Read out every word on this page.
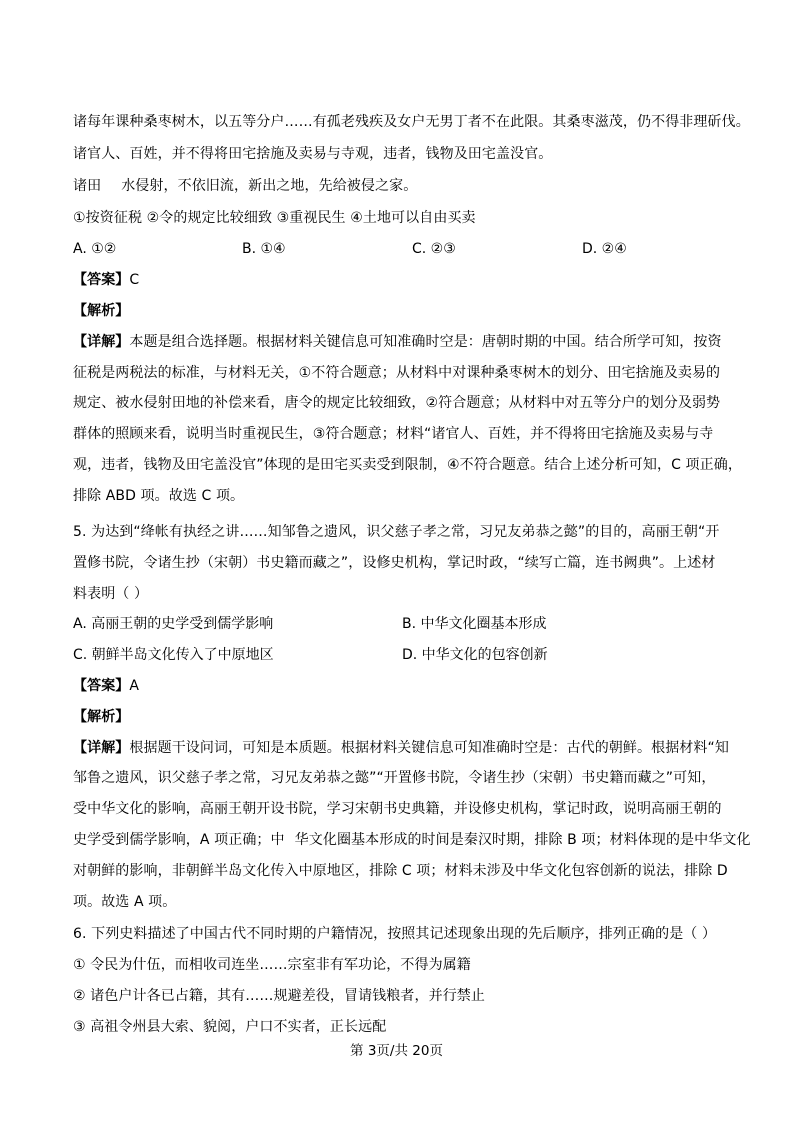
诸每年课种桑枣树木，以五等分户……有孤老残疾及女户无男丁者不在此限。其桑枣滋茂，仍不得非理斫伐。
诸官人、百姓，并不得将田宅捨施及卖易与寺观，违者，钱物及田宅盖没官。
诸田 水侵射，不依旧流，新出之地，先给被侵之家。
①按资征税 ②令的规定比较细致 ③重视民生 ④土地可以自由买卖
A. ①②	B. ①④	C. ②③	D. ②④
【答案】C
【解析】
【详解】本题是组合选择题。根据材料关键信息可知准确时空是：唐朝时期的中国。结合所学可知，按资
征税是两税法的标准，与材料无关，①不符合题意；从材料中对课种桑枣树木的划分、田宅捨施及卖易的
规定、被水侵射田地的补偿来看，唐令的规定比较细致，②符合题意；从材料中对五等分户的划分及弱势
群体的照顾来看，说明当时重视民生，③符合题意；材料“诸官人、百姓，并不得将田宅捨施及卖易与寺
观，违者，钱物及田宅盖没官”体现的是田宅买卖受到限制，④不符合题意。结合上述分析可知，C 项正确，
排除 ABD 项。故选 C 项。
5. 为达到“绛帐有执经之讲……知邹鲁之遗风，识父慈子孝之常，习兄友弟恭之懿”的目的，高丽王朝“开
置修书院，令诸生抄（宋朝）书史籍而藏之”，设修史机构，掌记时政，“续写亡篇，连书阙典”。上述材
料表明（ ）
A. 高丽王朝的史学受到儒学影响	B. 中华文化圈基本形成
C. 朝鲜半岛文化传入了中原地区	D. 中华文化的包容创新
【答案】A
【解析】
【详解】根据题干设问词，可知是本质题。根据材料关键信息可知准确时空是：古代的朝鲜。根据材料“知
邹鲁之遗风，识父慈子孝之常，习兄友弟恭之懿”“开置修书院，令诸生抄（宋朝）书史籍而藏之”可知，
受中华文化的影响，高丽王朝开设书院，学习宋朝书史典籍，并设修史机构，掌记时政，说明高丽王朝的
史学受到儒学影响，A 项正确；中 华文化圈基本形成的时间是秦汉时期，排除 B 项；材料体现的是中华文化
对朝鲜的影响，非朝鲜半岛文化传入中原地区，排除 C 项；材料未涉及中华文化包容创新的说法，排除 D
项。故选 A 项。
6. 下列史料描述了中国古代不同时期的户籍情况，按照其记述现象出现的先后顺序，排列正确的是（ ）
① 令民为什伍，而相收司连坐……宗室非有军功论，不得为属籍
② 诸色户计各已占籍，其有……规避差役，冒请钱粮者，并行禁止
③ 高祖令州县大索、貌阅，户口不实者，正长远配
第 3页/共 20页
